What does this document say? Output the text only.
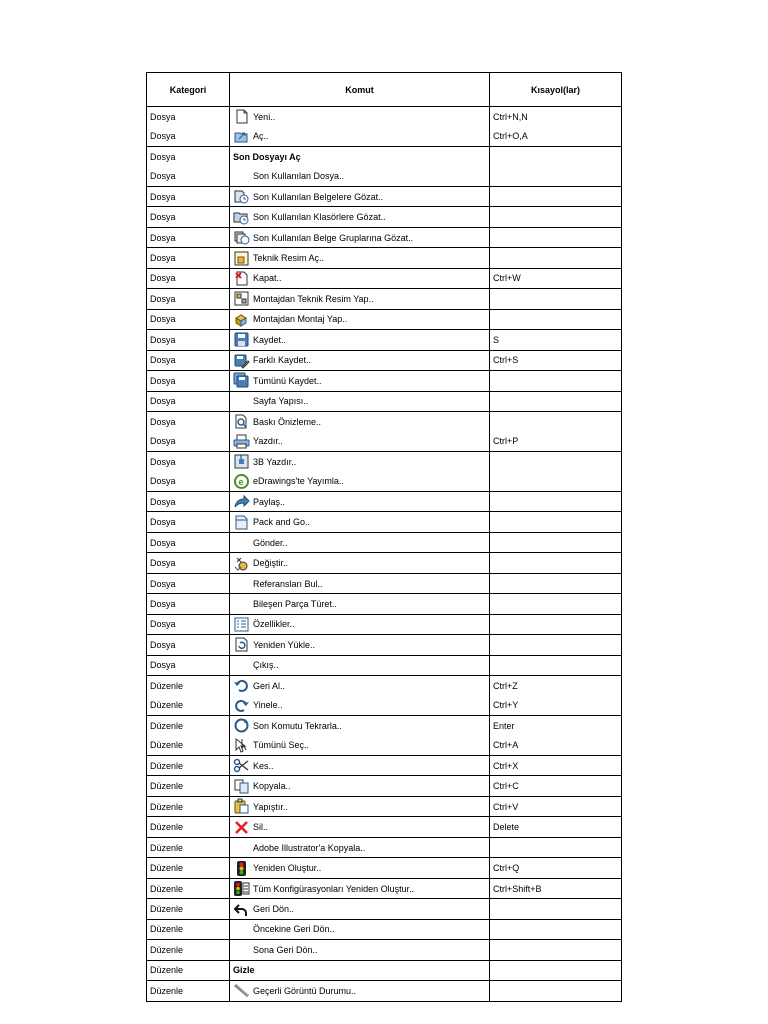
Kategori	Komut	Kısayol(lar)
Dosya	Yeni..	Ctrl+N,N
Dosya	Aç..	Ctrl+O,A
Dosya	Son Dosyayı Aç	

Dosya	Son Kullanılan Dosya..	

Dosya	Son Kullanılan Belgelere Gözat..	

Dosya	Son Kullanılan Klasörlere Gözat..	

Dosya	Son Kullanılan Belge Gruplarına Gözat..	

Dosya	Teknik Resim Aç..	

Dosya	Kapat..	Ctrl+W
Dosya	Montajdan Teknik Resim Yap..	

Dosya	Montajdan Montaj Yap..	

Dosya	Kaydet..	S
Dosya	Farklı Kaydet..	Ctrl+S
Dosya	Tümünü Kaydet..	

Dosya	Sayfa Yapısı..	

Dosya	Baskı Önizleme..	

Dosya	Yazdır..	Ctrl+P
Dosya	3B Yazdır..	

Dosya	e eDrawings'te Yayımla..	

Dosya	Paylaş..	

Dosya	Pack and Go..	

Dosya	Gönder..	

Dosya	Değiştir..	

Dosya	Referansları Bul..	

Dosya	Bileşen Parça Türet..	

Dosya	Özellikler..	

Dosya	Yeniden Yükle..	

Dosya	Çıkış..	

Düzenle	Geri Al..	Ctrl+Z
Düzenle	Yinele..	Ctrl+Y
Düzenle	Son Komutu Tekrarla..	Enter
Düzenle	Tümünü Seç..	Ctrl+A
Düzenle	Kes..	Ctrl+X
Düzenle	Kopyala..	Ctrl+C
Düzenle	Yapıştır..	Ctrl+V
Düzenle	Sil..	Delete
Düzenle	Adobe Illustrator'a Kopyala..	

Düzenle	Yeniden Oluştur..	Ctrl+Q
Düzenle	Tüm Konfigürasyonları Yeniden Oluştur..	Ctrl+Shift+B
Düzenle	Geri Dön..	

Düzenle	Öncekine Geri Dön..	

Düzenle	Sona Geri Dön..	

Düzenle	Gizle	

Düzenle	Geçerli Görüntü Durumu..	
